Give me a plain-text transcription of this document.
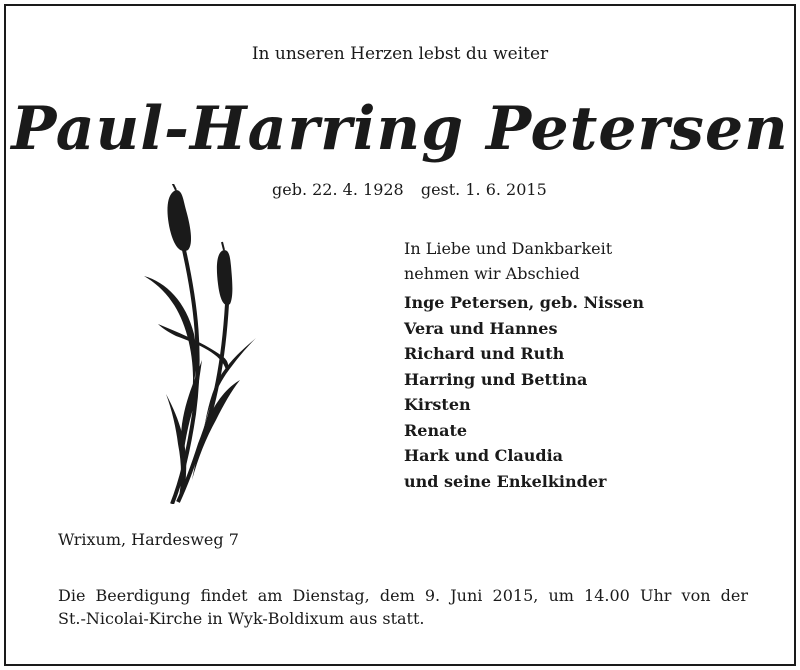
In unseren Herzen lebst du weiter
Paul-Harring Petersen
geb. 22. 4. 1928 gest. 1. 6. 2015
In Liebe und Dankbarkeit
nehmen wir Abschied
Inge Petersen, geb. Nissen
Vera und Hannes
Richard und Ruth
Harring und Bettina
Kirsten
Renate
Hark und Claudia
und seine Enkelkinder
Wrixum, Hardesweg 7
Die Beerdigung findet am Dienstag, dem 9. Juni 2015, um 14.00 Uhr von der
St.-Nicolai-Kirche in Wyk-Boldixum aus statt.
